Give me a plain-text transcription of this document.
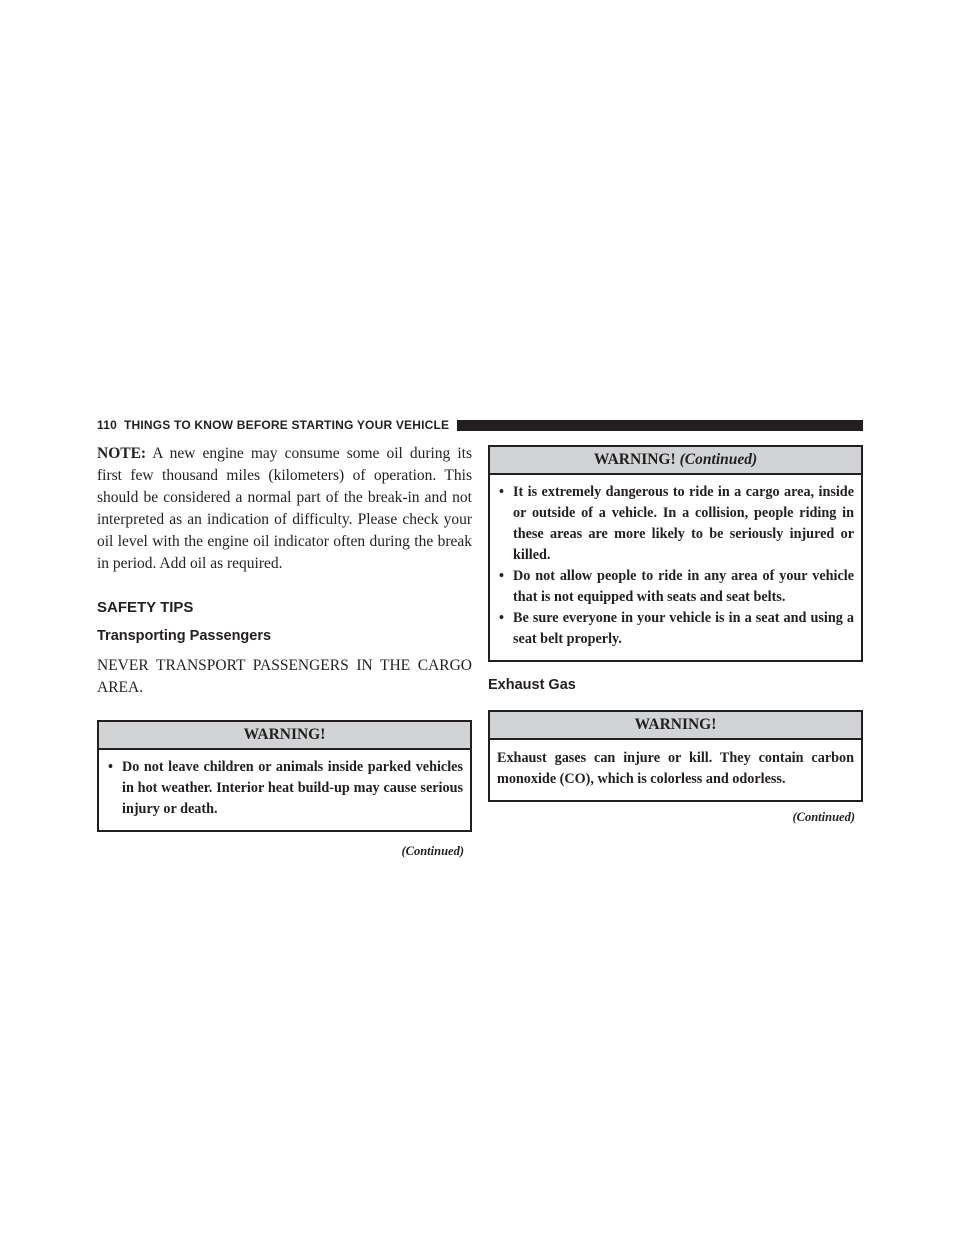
110 THINGS TO KNOW BEFORE STARTING YOUR VEHICLE

NOTE: A new engine may consume some oil during its first few thousand miles (kilometers) of operation. This should be considered a normal part of the break-in and not interpreted as an indication of difficulty. Please check your oil level with the engine oil indicator often during the break in period. Add oil as required.

SAFETY TIPS
Transporting Passengers

NEVER TRANSPORT PASSENGERS IN THE CARGO AREA.

WARNING!
• Do not leave children or animals inside parked vehicles in hot weather. Interior heat build-up may cause serious injury or death.
(Continued)
WARNING! (Continued)
• It is extremely dangerous to ride in a cargo area, inside or outside of a vehicle. In a collision, people riding in these areas are more likely to be seriously injured or killed.
• Do not allow people to ride in any area of your vehicle that is not equipped with seats and seat belts.
• Be sure everyone in your vehicle is in a seat and using a seat belt properly.
Exhaust Gas
WARNING!

Exhaust gases can injure or kill. They contain carbon monoxide (CO), which is colorless and odorless.

(Continued)
